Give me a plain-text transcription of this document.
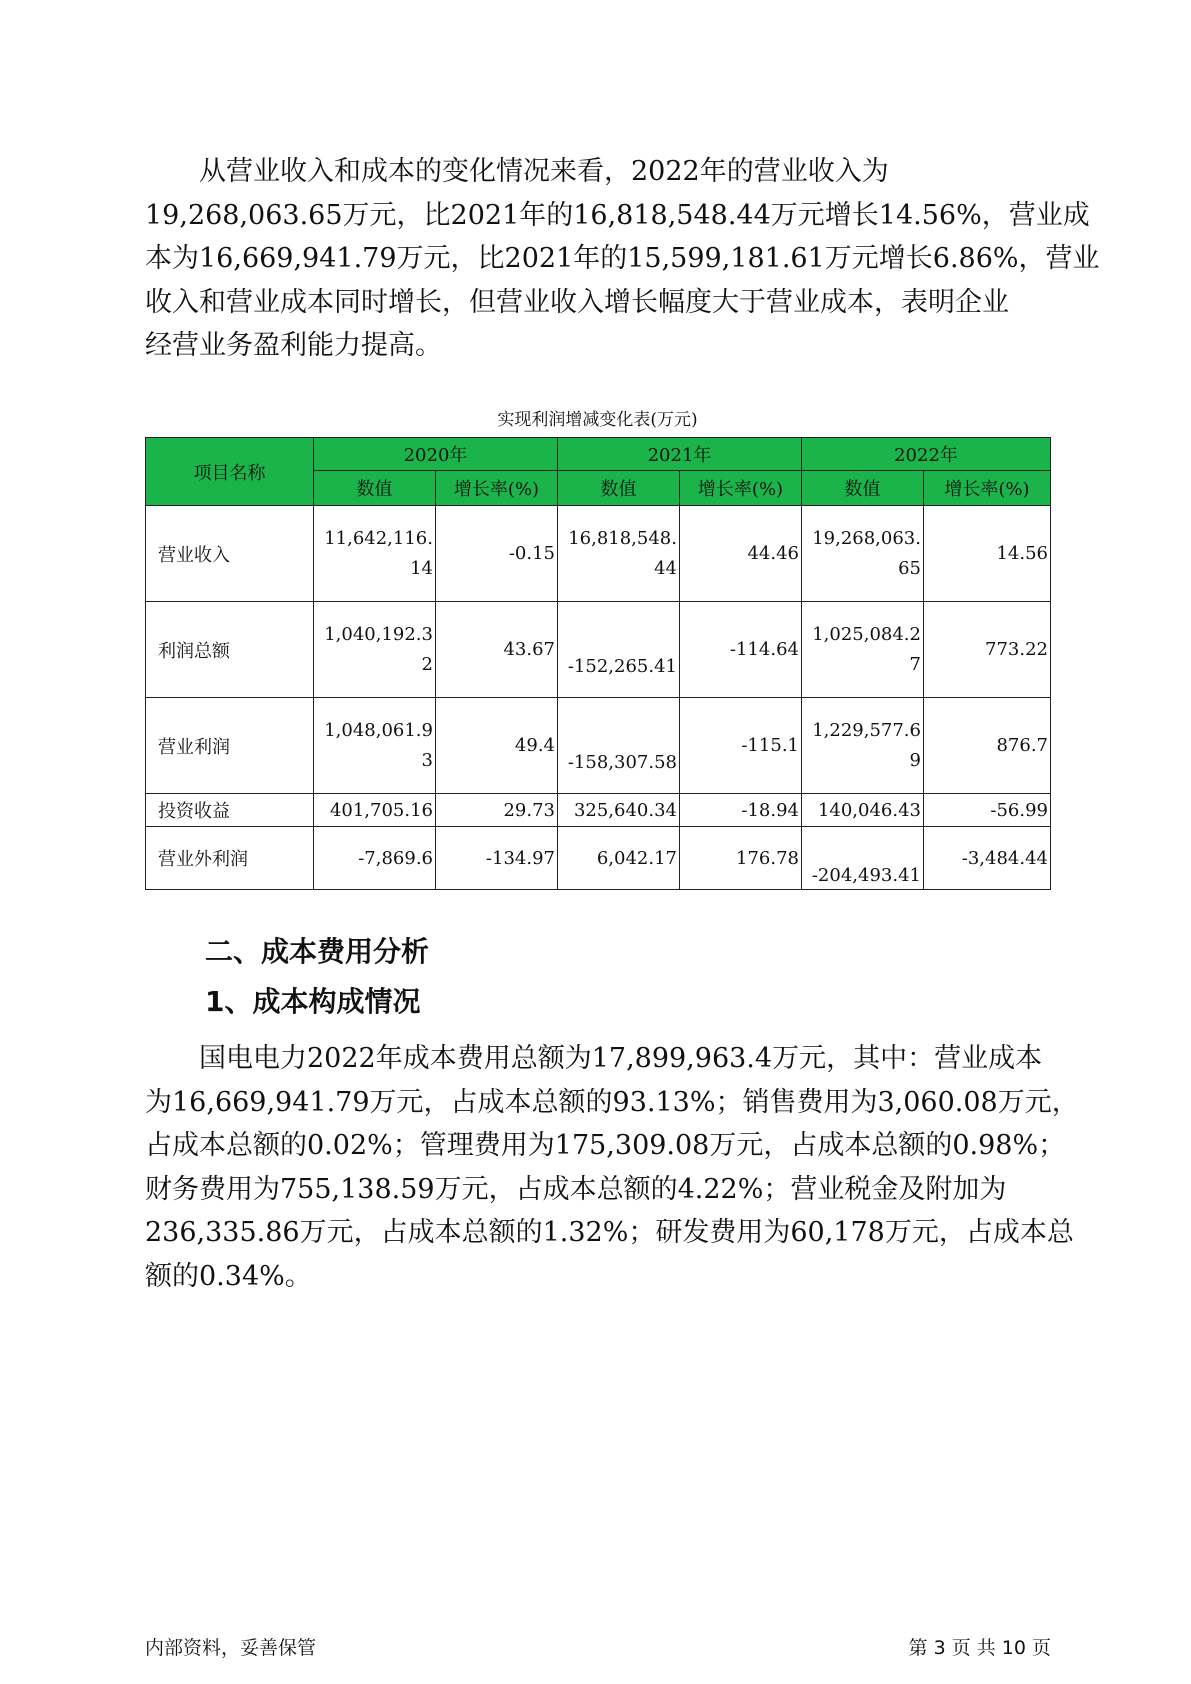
　　从营业收入和成本的变化情况来看，2022年的营业收入为
19,268,063.65万元，比2021年的16,818,548.44万元增长14.56%，营业成
本为16,669,941.79万元，比2021年的15,599,181.61万元增长6.86%，营业
收入和营业成本同时增长，但营业收入增长幅度大于营业成本，表明企业
经营业务盈利能力提高。
实现利润增减变化表(万元)
项目名称	2020年		2021年		2022年	
	数值	增长率(%)	数值	增长率(%)	数值	增长率(%)
营业收入	11,642,116.14	-0.15	16,818,548.44	44.46	19,268,063.65	14.56
利润总额	1,040,192.32	43.67	-152,265.41	-114.64	1,025,084.27	773.22
营业利润	1,048,061.93	49.4	-158,307.58	-115.1	1,229,577.69	876.7
投资收益	401,705.16	29.73	325,640.34	-18.94	140,046.43	-56.99
营业外利润	-7,869.6	-134.97	6,042.17	176.78	-204,493.41	-3,484.44
二、成本费用分析
1、成本构成情况
　　国电电力2022年成本费用总额为17,899,963.4万元，其中：营业成本
为16,669,941.79万元，占成本总额的93.13%；销售费用为3,060.08万元，
占成本总额的0.02%；管理费用为175,309.08万元，占成本总额的0.98%；
财务费用为755,138.59万元，占成本总额的4.22%；营业税金及附加为
236,335.86万元，占成本总额的1.32%；研发费用为60,178万元，占成本总
额的0.34%。
内部资料，妥善保管	第 3 页 共 10 页
